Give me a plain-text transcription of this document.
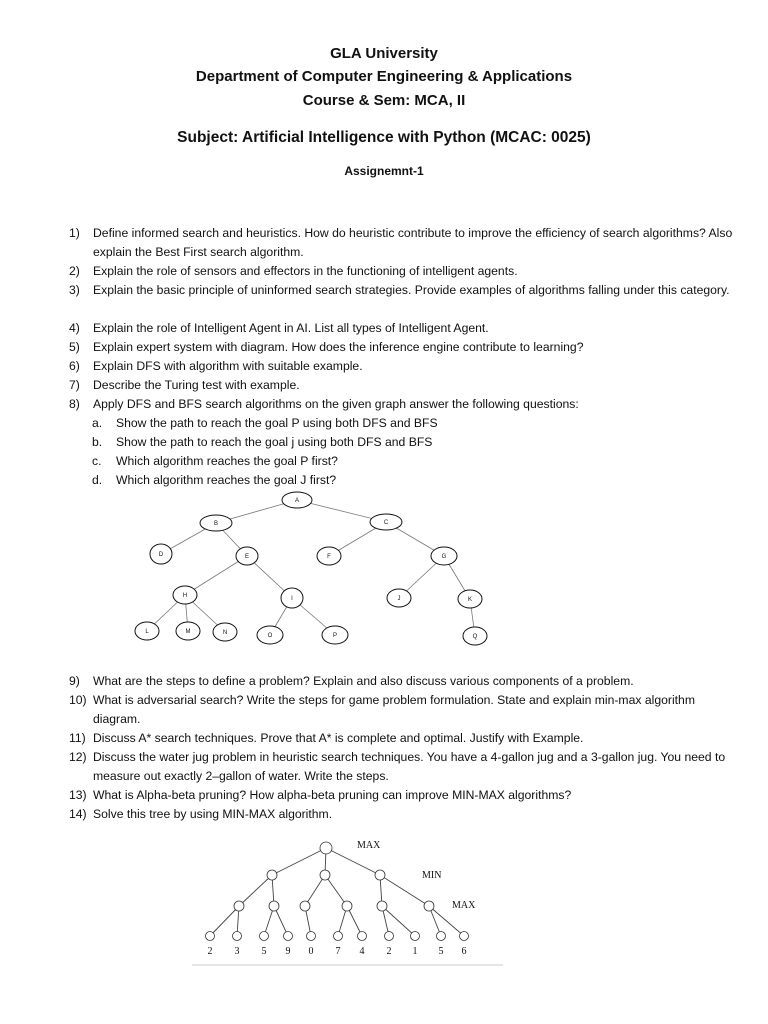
GLA University
Department of Computer Engineering & Applications
Course & Sem: MCA, II
Subject: Artificial Intelligence with Python (MCAC: 0025)
Assignemnt-1
1) Define informed search and heuristics. How do heuristic contribute to improve the efficiency of search algorithms? Also explain the Best First search algorithm.
2) Explain the role of sensors and effectors in the functioning of intelligent agents.
3) Explain the basic principle of uninformed search strategies. Provide examples of algorithms falling under this category.
4) Explain the role of Intelligent Agent in AI. List all types of Intelligent Agent.
5) Explain expert system with diagram. How does the inference engine contribute to learning?
6) Explain DFS with algorithm with suitable example.
7) Describe the Turing test with example.
8) Apply DFS and BFS search algorithms on the given graph answer the following questions:
a. Show the path to reach the goal P using both DFS and BFS
b. Show the path to reach the goal j using both DFS and BFS
c. Which algorithm reaches the goal P first?
d. Which algorithm reaches the goal J first?
A
B	C
D	E	F	G
H	I	J	K
L	M	N	O	P	Q
9) What are the steps to define a problem? Explain and also discuss various components of a problem.
10) What is adversarial search? Write the steps for game problem formulation. State and explain min-max algorithm diagram.
11) Discuss A* search techniques. Prove that A* is complete and optimal. Justify with Example.
12) Discuss the water jug problem in heuristic search techniques. You have a 4-gallon jug and a 3-gallon jug. You need to measure out exactly 2–gallon of water. Write the steps.
13) What is Alpha-beta pruning? How alpha-beta pruning can improve MIN-MAX algorithms?
14) Solve this tree by using MIN-MAX algorithm.
MAX
MIN
MAX
2 3 5 9 0 7 4 2 1 5 6
